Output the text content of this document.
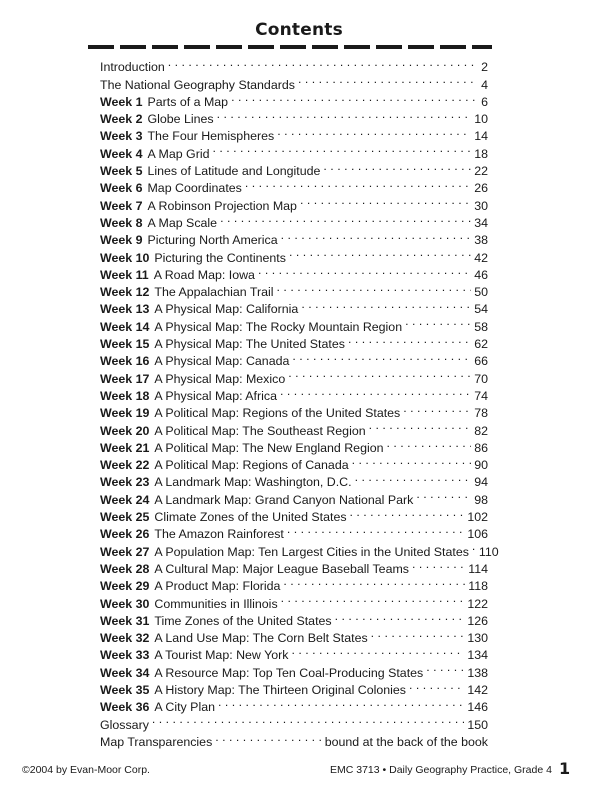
Contents
Introduction . . .	2
The National Geography Standards . . .	4
Week 1 Parts of a Map . . .	6
Week 2 Globe Lines . . .	10
Week 3 The Four Hemispheres . . .	14
Week 4 A Map Grid . . .	18
Week 5 Lines of Latitude and Longitude . . .	22
Week 6 Map Coordinates . . .	26
Week 7 A Robinson Projection Map . . .	30
Week 8 A Map Scale . . .	34
Week 9 Picturing North America . . .	38
Week 10 Picturing the Continents . . .	42
Week 11 A Road Map: Iowa . . .	46
Week 12 The Appalachian Trail . . .	50
Week 13 A Physical Map: California . . .	54
Week 14 A Physical Map: The Rocky Mountain Region . . .	58
Week 15 A Physical Map: The United States . . .	62
Week 16 A Physical Map: Canada . . .	66
Week 17 A Physical Map: Mexico . . .	70
Week 18 A Physical Map: Africa . . .	74
Week 19 A Political Map: Regions of the United States . . .	78
Week 20 A Political Map: The Southeast Region . . .	82
Week 21 A Political Map: The New England Region . . .	86
Week 22 A Political Map: Regions of Canada . . .	90
Week 23 A Landmark Map: Washington, D.C. . . .	94
Week 24 A Landmark Map: Grand Canyon National Park . . .	98
Week 25 Climate Zones of the United States . . .	102
Week 26 The Amazon Rainforest . . .	106
Week 27 A Population Map: Ten Largest Cities in the United States . . . 110
Week 28 A Cultural Map: Major League Baseball Teams . . .	114
Week 29 A Product Map: Florida . . .	118
Week 30 Communities in Illinois . . .	122
Week 31 Time Zones of the United States . . .	126
Week 32 A Land Use Map: The Corn Belt States . . .	130
Week 33 A Tourist Map: New York . . .	134
Week 34 A Resource Map: Top Ten Coal-Producing States . . .	138
Week 35 A History Map: The Thirteen Original Colonies . . .	142
Week 36 A City Plan . . .	146
Glossary . . .	150
Map Transparencies . . .	bound at the back of the book
©2004 by Evan-Moor Corp.	EMC 3713 • Daily Geography Practice, Grade 4 1
